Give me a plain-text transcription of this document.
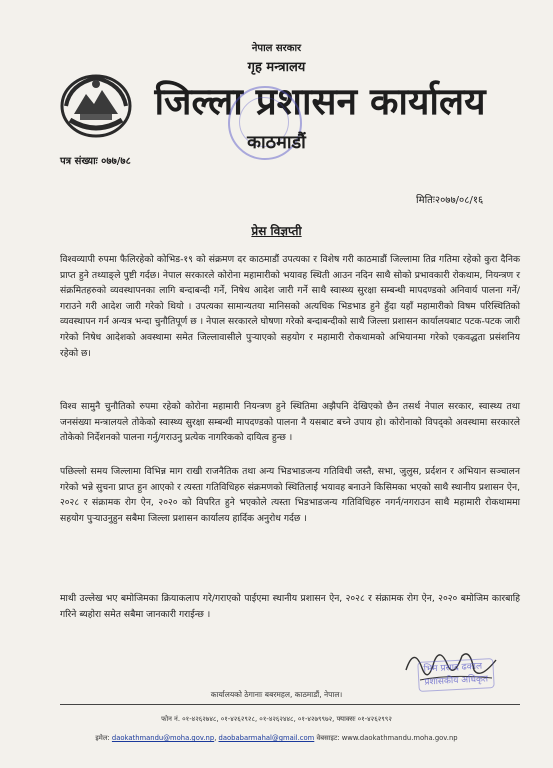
नेपाल सरकार
गृह मन्त्रालय
जिल्ला प्रशासन कार्यालय
काठमाडौं
पत्र संख्याः ०७७/७८
मितिः२०७७/०८/१६
प्रेस विज्ञप्ती

विश्वव्यापी रुपमा फैलिरहेको कोभिड-१९ को संक्रमण दर काठमाडौं उपत्यका र विशेष गरी काठमाडौं जिल्लामा तिव्र गतिमा रहेको कुरा दैनिक प्राप्त हुने तथ्याङ्ले पुष्टी गर्दछ। नेपाल सरकारले कोरोना महामारीको भयावह स्थिती आउन नदिन साथै सोको प्रभावकारी रोकथाम, नियन्त्रण र संक्रमितहरुको व्यवस्थापनका लागि बन्दाबन्दी गर्ने, निषेध आदेश जारी गर्ने साथै स्वास्थ्य सुरक्षा सम्बन्धी मापदण्डको अनिवार्य पालना गर्ने/गराउने गरी आदेश जारी गरेको थियो । उपत्यका सामान्यतया मानिसको अत्यधिक भिडभाड हुने हुँदा यहाँ महामारीको विषम परिस्थितिको व्यवस्थापन गर्न अन्यत्र भन्दा चुनौतिपूर्ण छ । नेपाल सरकारले घोषणा गरेको बन्दाबन्दीको साथै जिल्ला प्रशासन कार्यालयबाट पटक-पटक जारी गरेको निषेध आदेशको अवस्थामा समेत जिल्लावासीले पुऱ्याएको सहयोग र महामारी रोकथामको अभियानमा गरेको एकवद्धता प्रसंशनिय रहेको छ।

विश्व सामुनै चुनौतिको रुपमा रहेको कोरोना महामारी नियन्त्रण हुने स्थितिमा अझैपनि देखिएको छैन तसर्थ नेपाल सरकार, स्वास्थ्य तथा जनसंख्या मन्त्रालयले तोकेको स्वास्थ्य सुरक्षा सम्बन्धी मापदण्डको पालना नै यसबाट बच्ने उपाय हो। कोरोनाको विपद्को अवस्थामा सरकारले तोकेको निर्देशनको पालना गर्नु/गराउनु प्रत्येक नागरिकको दायित्व हुन्छ ।

पछिल्लो समय जिल्लामा विभिन्न माग राखी राजनैतिक तथा अन्य भिडभाडजन्य गतिविधी जस्तै, सभा, जुलुस, प्रर्दशन र अभियान सञ्चालन गरेको भन्ने सुचना प्राप्त हुन आएको र त्यस्ता गतिविधिहरु संक्रमणको स्थितिलाई भयावह बनाउने किसिमका भएको साथै स्थानीय प्रशासन ऐन, २०२८ र संक्रामक रोग ऐन, २०२० को विपरित हुने भएकोले त्यस्ता भिडभाडजन्य गतिविधिहरु नगर्न/नगराउन साथै महामारी रोकथाममा सहयोग पुऱ्याउनुहुन सबैमा जिल्ला प्रशासन कार्यालय हार्दिक अनुरोध गर्दछ ।

माथी उल्लेख भए बमोजिमका क्रियाकलाप गरे/गराएको पाईएमा स्थानीय प्रशासन ऐन, २०२८ र संक्रामक रोग ऐन, २०२० बमोजिम कारबाहि गरिने ब्यहोरा समेत सबैमा जानकारी गराईन्छ ।

भिम प्रसाद ढकाल
प्रशासकीय अधिकृत
कार्यालयको ठेगानाः बबरमहल, काठमाडौं, नेपाल।
फोन नं. ०१-४२६२७४८, ०१-४२६२९२८, ०१-४२६२४४८, ०१-४२७९९७२, फ्याक्सः ०१-४२६२९९२
इमेल: daokathmandu@moha.gov.np, daobabarmahal@gmail.com वेबसाइट: www.daokathmandu.moha.gov.np
